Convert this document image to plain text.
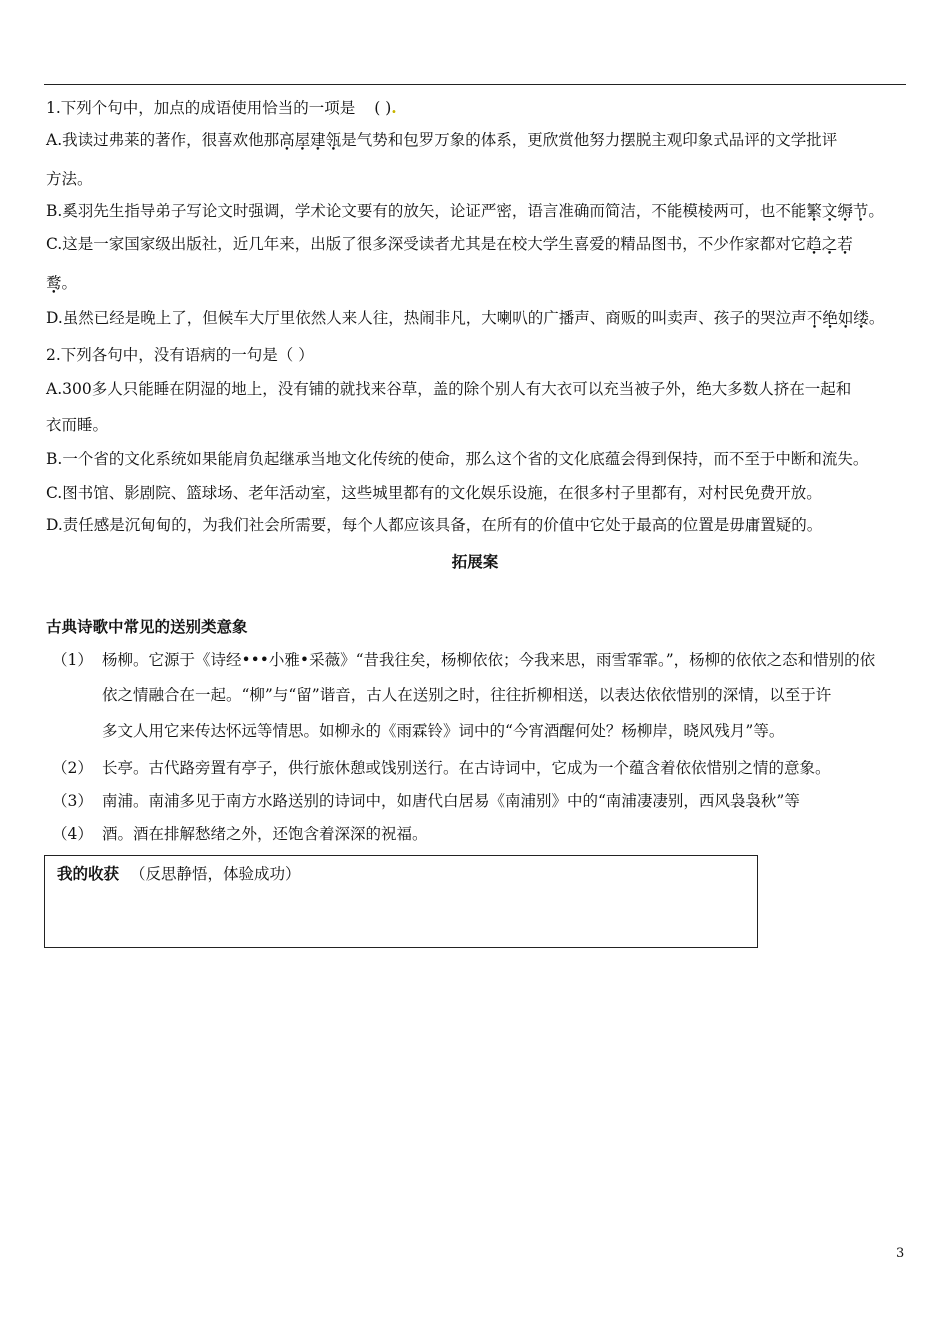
1.下列个句中，加点的成语使用恰当的一项是 ( ).
A.我读过弗莱的著作，很喜欢他那高屋建瓴是气势和包罗万象的体系，更欣赏他努力摆脱主观印象式品评的文学批评
方法。
B.奚羽先生指导弟子写论文时强调，学术论文要有的放矢，论证严密，语言准确而简洁，不能模棱两可，也不能繁文缛节。
C.这是一家国家级出版社，近几年来，出版了很多深受读者尤其是在校大学生喜爱的精品图书，不少作家都对它趋之若
鹜。
D.虽然已经是晚上了，但候车大厅里依然人来人往，热闹非凡，大喇叭的广播声、商贩的叫卖声、孩子的哭泣声不绝如缕。
2.下列各句中，没有语病的一句是（ ）
A.300多人只能睡在阴湿的地上，没有铺的就找来谷草，盖的除个别人有大衣可以充当被子外，绝大多数人挤在一起和
衣而睡。
B.一个省的文化系统如果能肩负起继承当地文化传统的使命，那么这个省的文化底蕴会得到保持，而不至于中断和流失。
C.图书馆、影剧院、篮球场、老年活动室，这些城里都有的文化娱乐设施，在很多村子里都有，对村民免费开放。
D.责任感是沉甸甸的，为我们社会所需要，每个人都应该具备，在所有的价值中它处于最高的位置是毋庸置疑的。
拓展案
古典诗歌中常见的送别类意象
（1） 杨柳。它源于《诗经•••小雅•采薇》“昔我往矣，杨柳依依；今我来思，雨雪霏霏。”，杨柳的依依之态和惜别的依
依之情融合在一起。“柳”与“留”谐音，古人在送别之时，往往折柳相送，以表达依依惜别的深情，以至于许
多文人用它来传达怀远等情思。如柳永的《雨霖铃》词中的“今宵酒醒何处？杨柳岸，晓风残月”等。
（2） 长亭。古代路旁置有亭子，供行旅休憩或饯别送行。在古诗词中，它成为一个蕴含着依依惜别之情的意象。
（3） 南浦。南浦多见于南方水路送别的诗词中，如唐代白居易《南浦别》中的“南浦凄凄别，西风袅袅秋”等
（4） 酒。酒在排解愁绪之外，还饱含着深深的祝福。
我的收获 （反思静悟，体验成功）
3
